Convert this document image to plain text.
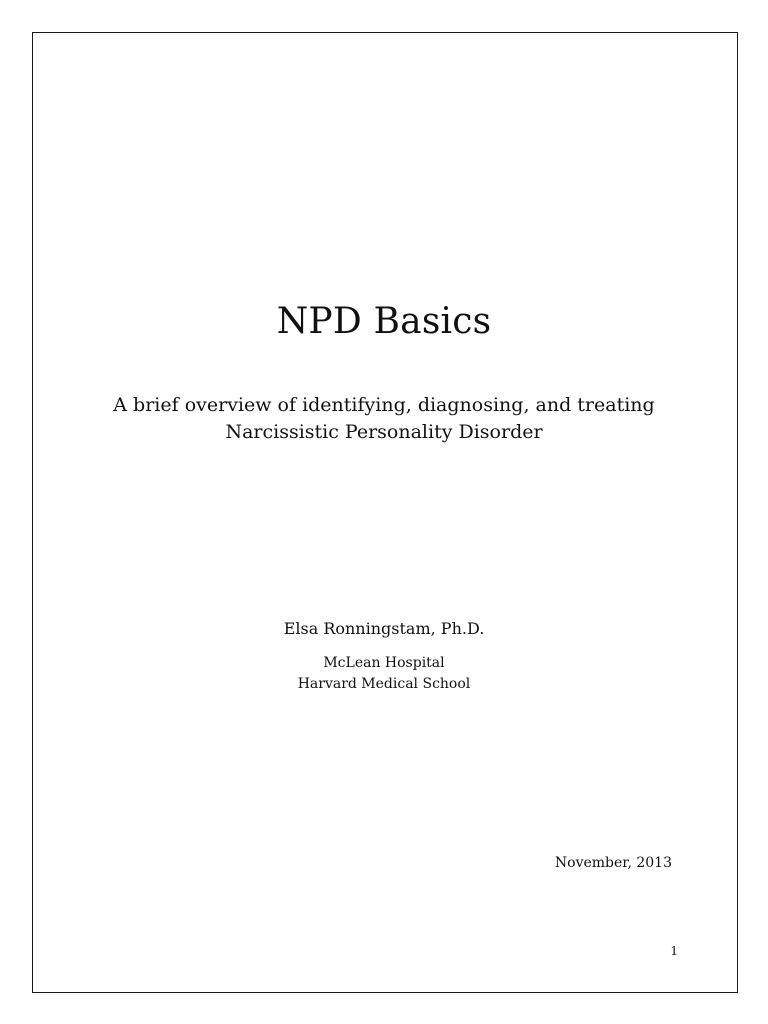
NPD Basics
A brief overview of identifying, diagnosing, and treating
Narcissistic Personality Disorder
Elsa Ronningstam, Ph.D.
McLean Hospital
Harvard Medical School
November, 2013
1
